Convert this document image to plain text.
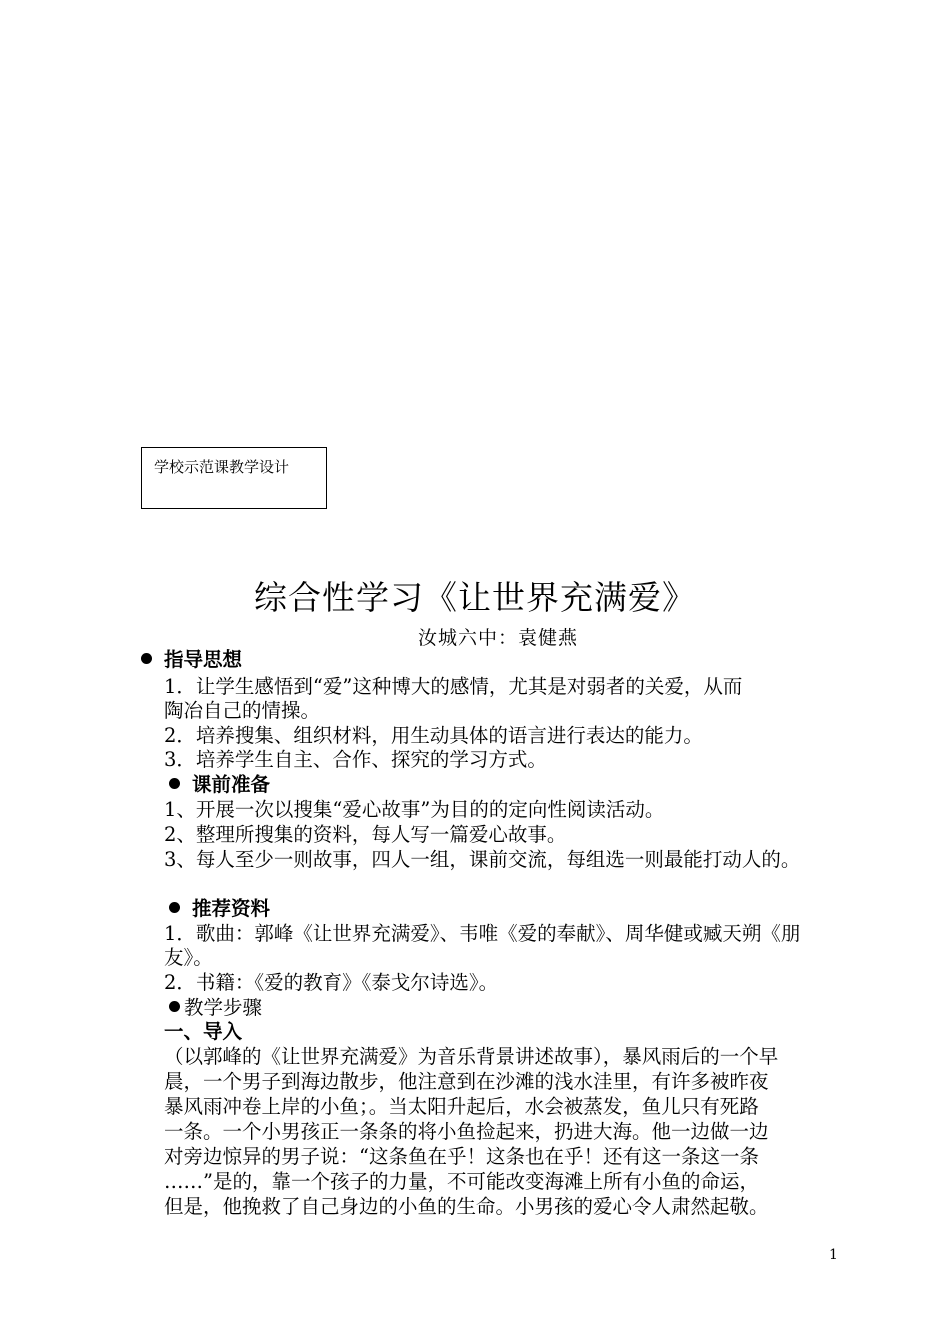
学校示范课教学设计
综合性学习《让世界充满爱》
汝城六中：袁健燕
指导思想
1．让学生感悟到“爱”这种博大的感情，尤其是对弱者的关爱，从而
陶冶自己的情操。
2．培养搜集、组织材料，用生动具体的语言进行表达的能力。
3．培养学生自主、合作、探究的学习方式。
课前准备
1、开展一次以搜集“爱心故事”为目的的定向性阅读活动。
2、整理所搜集的资料，每人写一篇爱心故事。
3、每人至少一则故事，四人一组，课前交流，每组选一则最能打动人的。
推荐资料
1．歌曲：郭峰《让世界充满爱》、韦唯《爱的奉献》、周华健或臧天朔《朋
友》。
2．书籍：《爱的教育》《泰戈尔诗选》。
教学步骤
一、导入
（以郭峰的《让世界充满爱》为音乐背景讲述故事），暴风雨后的一个早
晨，一个男子到海边散步，他注意到在沙滩的浅水洼里，有许多被昨夜
暴风雨冲卷上岸的小鱼；。当太阳升起后，水会被蒸发，鱼儿只有死路
一条。一个小男孩正一条条的将小鱼捡起来，扔进大海。他一边做一边
对旁边惊异的男子说：“这条鱼在乎！这条也在乎！还有这一条这一条
……”是的，靠一个孩子的力量，不可能改变海滩上所有小鱼的命运，
但是，他挽救了自己身边的小鱼的生命。小男孩的爱心令人肃然起敬。
1
